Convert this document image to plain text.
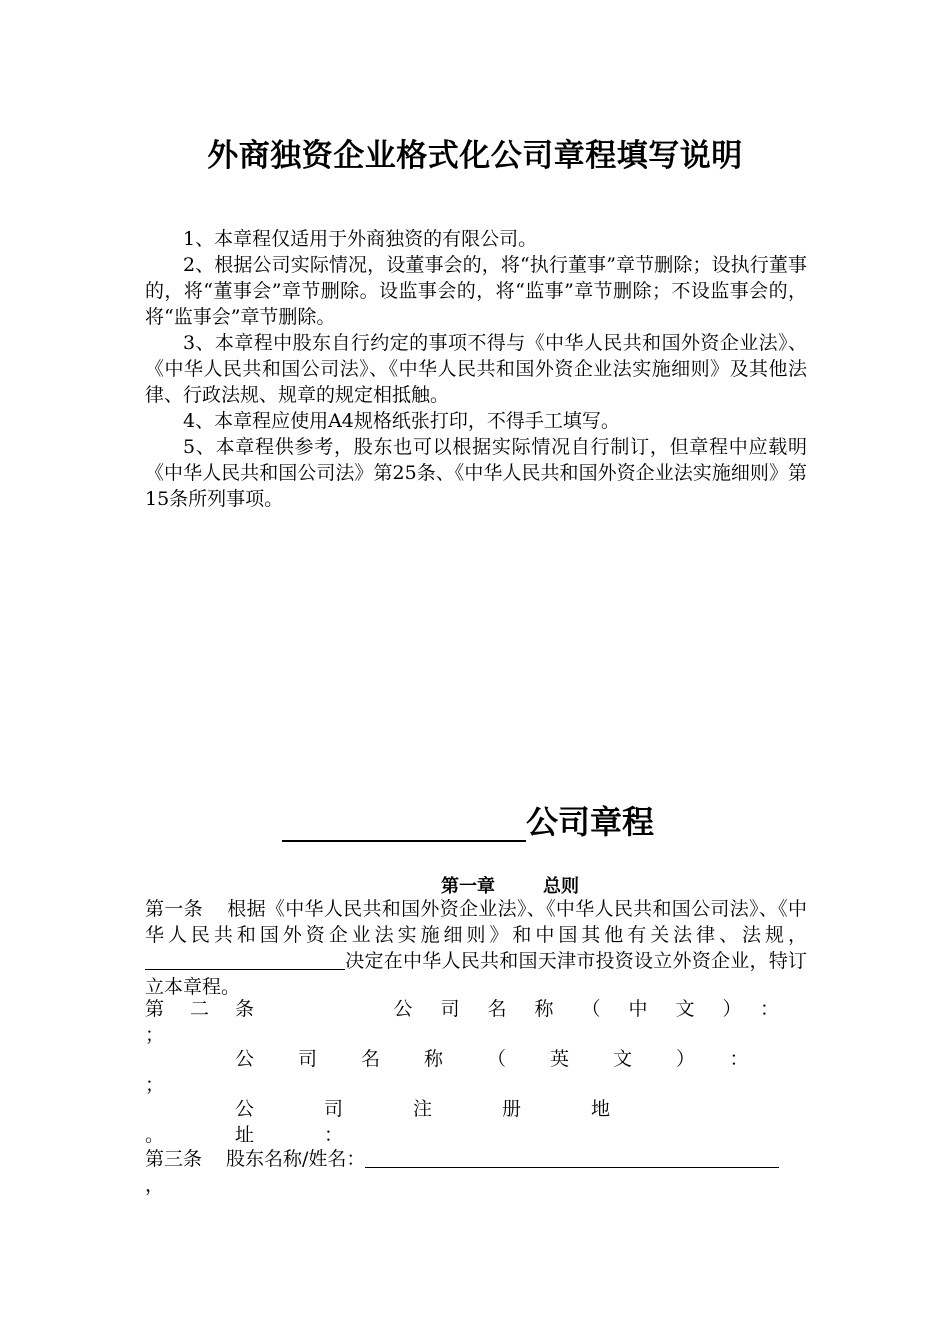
外商独资企业格式化公司章程填写说明

1、本章程仅适用于外商独资的有限公司。

2、根据公司实际情况，设董事会的，将“执行董事”章节删除；设执行董事的，将“董事会”章节删除。设监事会的，将“监事”章节删除；不设监事会的，将“监事会”章节删除。

3、本章程中股东自行约定的事项不得与《中华人民共和国外资企业法》、《中华人民共和国公司法》、《中华人民共和国外资企业法实施细则》及其他法律、行政法规、规章的规定相抵触。

4、本章程应使用A4规格纸张打印，不得手工填写。

5、本章程供参考，股东也可以根据实际情况自行制订，但章程中应载明《中华人民共和国公司法》第25条、《中华人民共和国外资企业法实施细则》第15条所列事项。

公司章程
第一章	总则

第一条 根据《中华人民共和国外资企业法》、《中华人民共和国公司法》、《中华人民共和国外资企业法实施细则》和中国其他有关法律、法规，决定在中华人民共和国天津市投资设立外资企业，特订立本章程。

第二条	公司名称（中文）：
；
公司名称（英文）：
；
公司注册地址：
。
第三条 股东名称/姓名：
，
